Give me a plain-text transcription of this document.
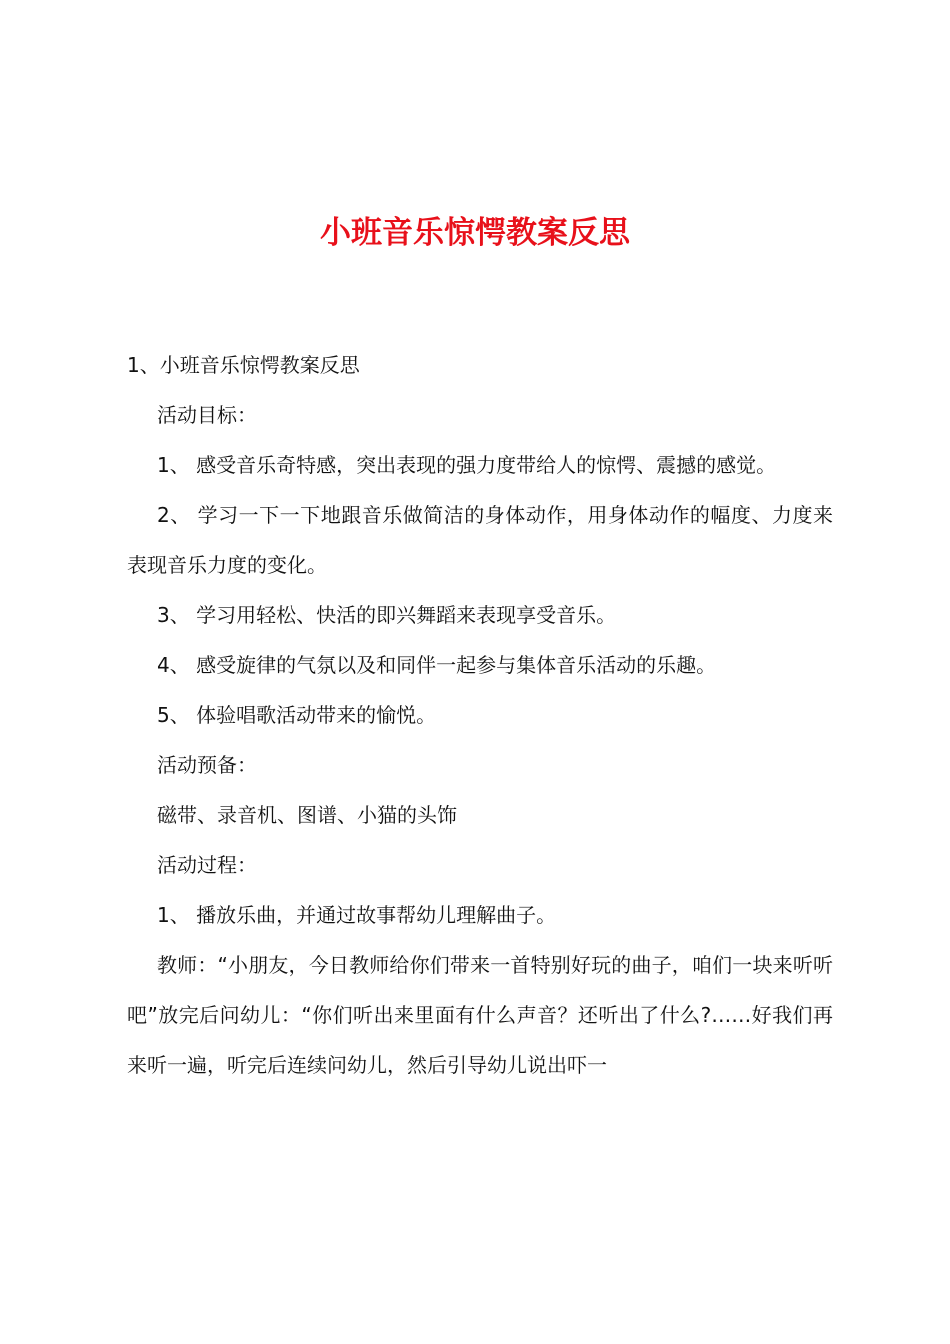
小班音乐惊愕教案反思

1、小班音乐惊愕教案反思

活动目标：

1、 感受音乐奇特感，突出表现的强力度带给人的惊愕、震撼的感觉。

2、 学习一下一下地跟音乐做简洁的身体动作，用身体动作的幅度、力度来表现音乐力度的变化。

3、 学习用轻松、快活的即兴舞蹈来表现享受音乐。

4、 感受旋律的气氛以及和同伴一起参与集体音乐活动的乐趣。

5、 体验唱歌活动带来的愉悦。

活动预备：

磁带、录音机、图谱、小猫的头饰

活动过程：

1、 播放乐曲，并通过故事帮幼儿理解曲子。

教师：“小朋友，今日教师给你们带来一首特别好玩的曲子，咱们一块来听听吧”放完后问幼儿：“你们听出来里面有什么声音？还听出了什么?……好我们再来听一遍，听完后连续问幼儿，然后引导幼儿说出吓一
